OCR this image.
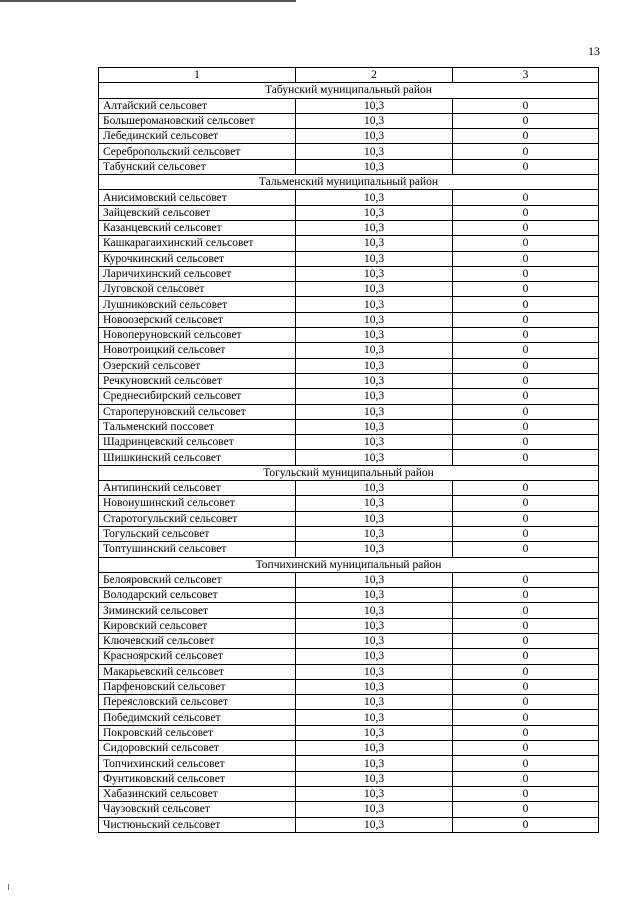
13
1	2	3
Табунский муниципальный район		
Алтайский сельсовет	10,3	0
Большеромановский сельсовет	10,3	0
Лебединский сельсовет	10,3	0
Серебропольский сельсовет	10,3	0
Табунский сельсовет	10,3	0
Тальменский муниципальный район		
Анисимовский сельсовет	10,3	0
Зайцевский сельсовет	10,3	0
Казанцевский сельсовет	10,3	0
Кашкарагаихинский сельсовет	10,3	0
Курочкинский сельсовет	10,3	0
Ларичихинский сельсовет	10,3	0
Луговской сельсовет	10,3	0
Лушниковский сельсовет	10,3	0
Новоозерский сельсовет	10,3	0
Новоперуновский сельсовет	10,3	0
Новотроицкий сельсовет	10,3	0
Озерский сельсовет	10,3	0
Речкуновский сельсовет	10,3	0
Среднесибирский сельсовет	10,3	0
Староперуновский сельсовет	10,3	0
Тальменский поссовет	10,3	0
Шадринцевский сельсовет	10,3	0
Шишкинский сельсовет	10,3	0
Тогульский муниципальный район		
Антипинский сельсовет	10,3	0
Новоиушинский сельсовет	10,3	0
Старотогульский сельсовет	10,3	0
Тогульский сельсовет	10,3	0
Топтушинский сельсовет	10,3	0
Топчихинский муниципальный район		
Белояровский сельсовет	10,3	0
Володарский сельсовет	10,3	0
Зиминский сельсовет	10,3	0
Кировский сельсовет	10,3	0
Ключевский сельсовет	10,3	0
Красноярский сельсовет	10,3	0
Макарьевский сельсовет	10,3	0
Парфеновский сельсовет	10,3	0
Переясловский сельсовет	10,3	0
Победимский сельсовет	10,3	0
Покровский сельсовет	10,3	0
Сидоровский сельсовет	10,3	0
Топчихинский сельсовет	10,3	0
Фунтиковский сельсовет	10,3	0
Хабазинский сельсовет	10,3	0
Чаузовский сельсовет	10,3	0
Чистюньский сельсовет	10,3	0
